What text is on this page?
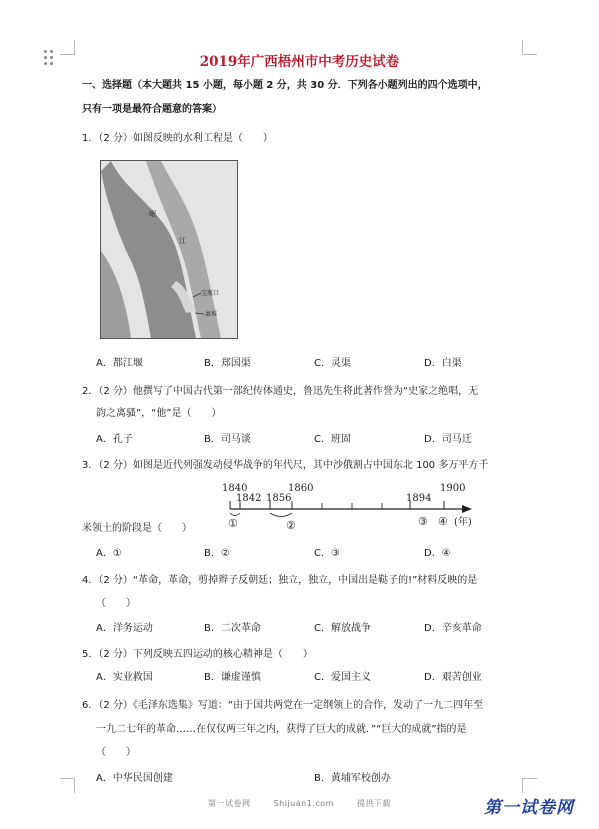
2019年广西梧州市中考历史试卷
一、选择题（本大题共 15 小题，每小题 2 分，共 30 分．下列各小题列出的四个选项中，
只有一项是最符合题意的答案）
1．（2 分）如图反映的水利工程是（　　）
岷
江
宝瓶口
离堆
A．都江堰	B．郑国渠	C．灵渠	D．白渠
2．（2 分）他撰写了中国古代第一部纪传体通史，鲁迅先生将此著作誉为“史家之绝唱，无
韵之离骚”，“他”是（　　）
A．孔子	B．司马谈	C．班固	D．司马迁
3．（2 分）如图是近代列强发动侵华战争的年代尺，其中沙俄割占中国东北 100 多万平方千
1840
1842 1856
1860
1894
1900
①	②	③ ④ (年)
米领土的阶段是（　　）
A．①	B．②	C．③	D．④
4．（2 分）“革命，革命，剪掉辫子反朝廷；独立，独立，中国出是鞑子的!”材料反映的是
（　　）
A．洋务运动	B．二次革命	C．解放战争	D．辛亥革命
5．（2 分）下列反映五四运动的核心精神是（　　）
A．实业救国	B．谦虚谨慎	C．爱国主义	D．艰苦创业
6．（2 分）《毛泽东选集》写道：“由于国共两党在一定纲领上的合作，发动了一九二四年至
一九二七年的革命……在仅仅两三年之内，获得了巨大的成就．”“巨大的成就”指的是
（　　）
A．中华民国创建	B．黄埔军校创办
第一试卷网	Shijuan1.com	提供下载	第一试卷网
